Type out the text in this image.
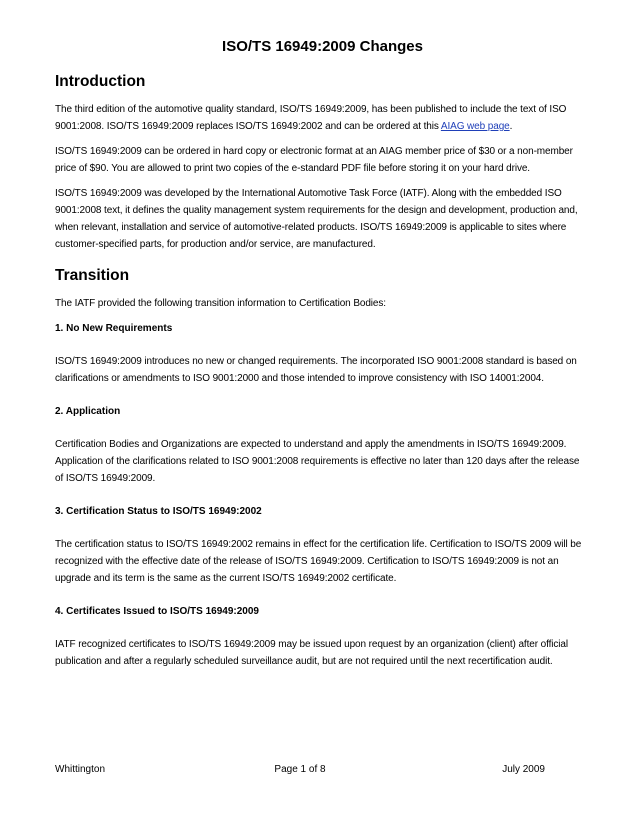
ISO/TS 16949:2009 Changes
Introduction

The third edition of the automotive quality standard, ISO/TS 16949:2009, has been published to include the text of ISO 9001:2008. ISO/TS 16949:2009 replaces ISO/TS 16949:2002 and can be ordered at this AIAG web page.

ISO/TS 16949:2009 can be ordered in hard copy or electronic format at an AIAG member price of $30 or a non-member price of $90. You are allowed to print two copies of the e-standard PDF file before storing it on your hard drive.

ISO/TS 16949:2009 was developed by the International Automotive Task Force (IATF). Along with the embedded ISO 9001:2008 text, it defines the quality management system requirements for the design and development, production and, when relevant, installation and service of automotive-related products. ISO/TS 16949:2009 is applicable to sites where customer-specified parts, for production and/or service, are manufactured.

Transition

The IATF provided the following transition information to Certification Bodies:

1. No New Requirements

ISO/TS 16949:2009 introduces no new or changed requirements. The incorporated ISO 9001:2008 standard is based on clarifications or amendments to ISO 9001:2000 and those intended to improve consistency with ISO 14001:2004.

2. Application

Certification Bodies and Organizations are expected to understand and apply the amendments in ISO/TS 16949:2009. Application of the clarifications related to ISO 9001:2008 requirements is effective no later than 120 days after the release of ISO/TS 16949:2009.

3. Certification Status to ISO/TS 16949:2002

The certification status to ISO/TS 16949:2002 remains in effect for the certification life. Certification to ISO/TS 2009 will be recognized with the effective date of the release of ISO/TS 16949:2009. Certification to ISO/TS 16949:2009 is not an upgrade and its term is the same as the current ISO/TS 16949:2002 certificate.

4. Certificates Issued to ISO/TS 16949:2009

IATF recognized certificates to ISO/TS 16949:2009 may be issued upon request by an organization (client) after official publication and after a regularly scheduled surveillance audit, but are not required until the next recertification audit.

Whittington	Page 1 of 8	July 2009
